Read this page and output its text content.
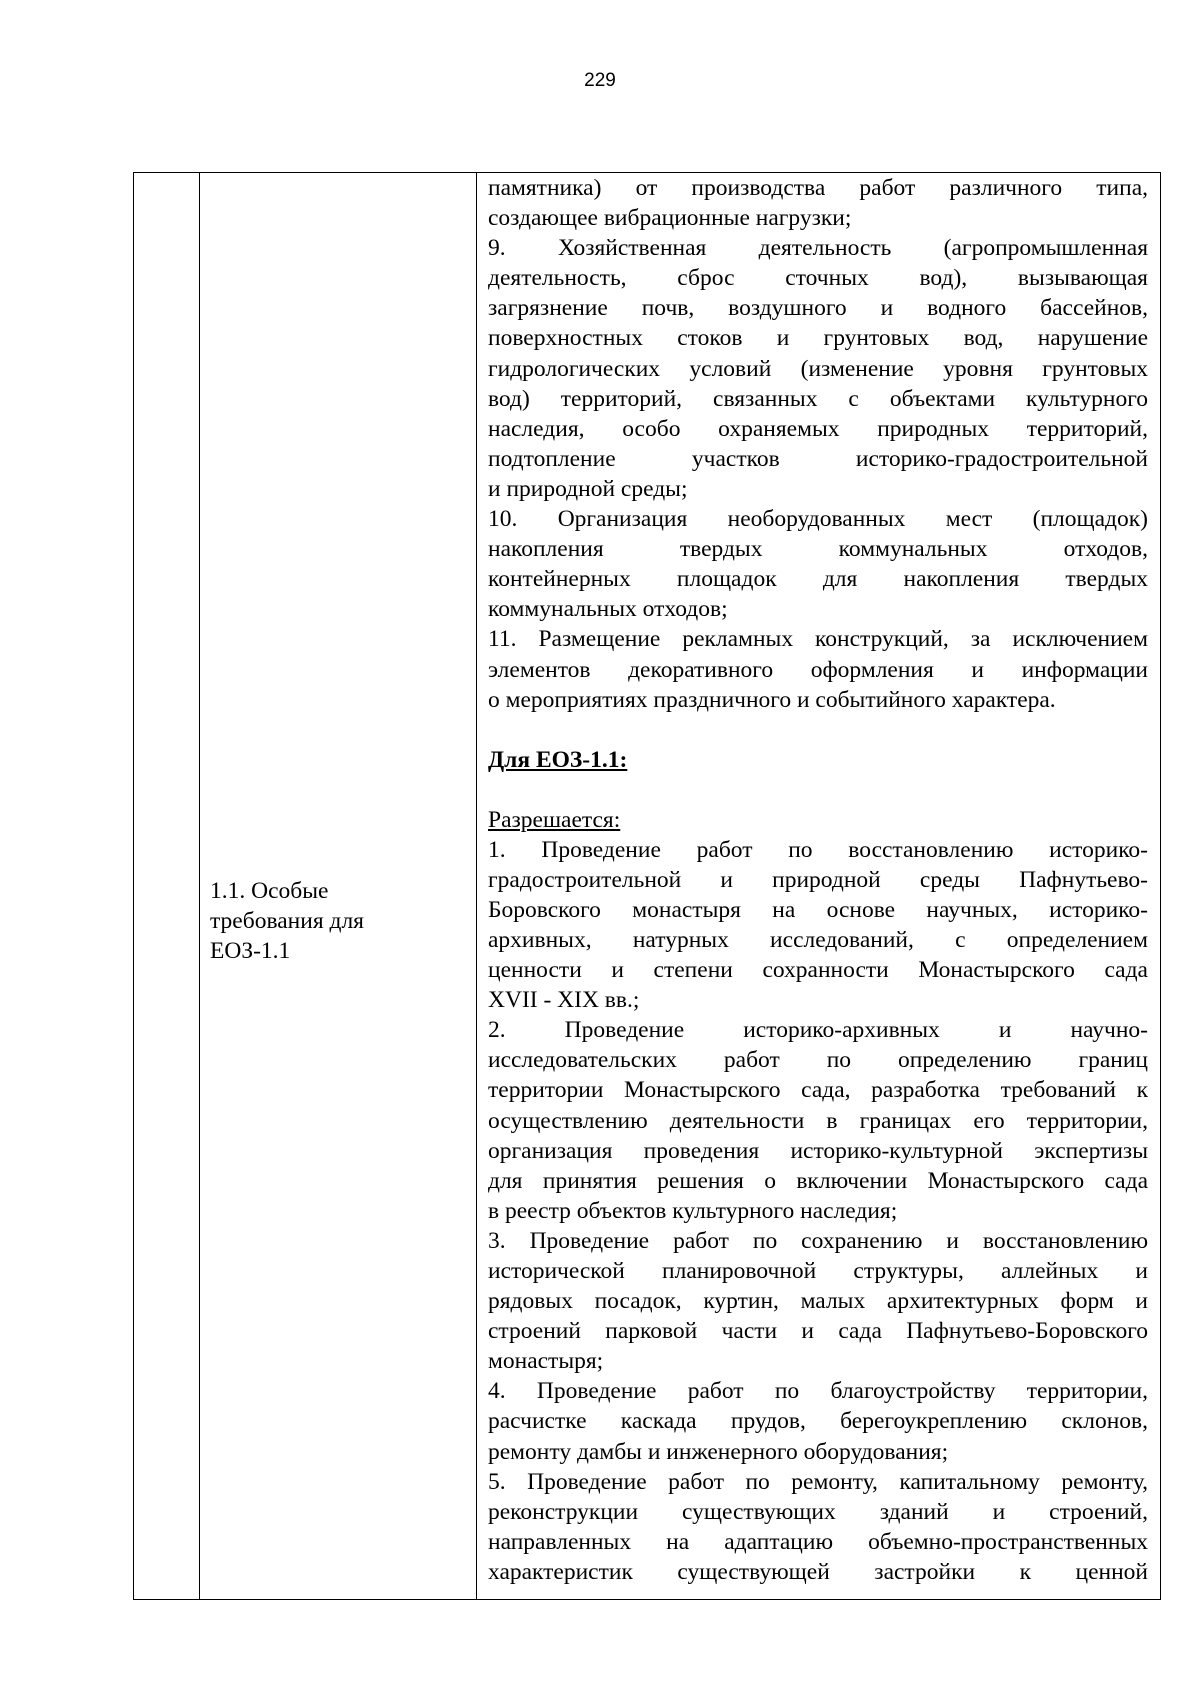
229

1.1. Особые
требования для
ЕОЗ-1.1

памятника) от производства работ различного типа,
создающее вибрационные нагрузки;
9. Хозяйственная деятельность (агропромышленная
деятельность, сброс сточных вод), вызывающая
загрязнение почв, воздушного и водного бассейнов,
поверхностных стоков и грунтовых вод, нарушение
гидрологических условий (изменение уровня грунтовых
вод) территорий, связанных с объектами культурного
наследия, особо охраняемых природных территорий,
подтопление участков историко-градостроительной
и природной среды;
10. Организация необорудованных мест (площадок)
накопления твердых коммунальных отходов,
контейнерных площадок для накопления твердых
коммунальных отходов;
11. Размещение рекламных конструкций, за исключением
элементов декоративного оформления и информации
о мероприятиях праздничного и событийного характера.
Для ЕОЗ-1.1:
Разрешается:
1. Проведение работ по восстановлению историко-
градостроительной и природной среды Пафнутьево-
Боровского монастыря на основе научных, историко-
архивных, натурных исследований, с определением
ценности и степени сохранности Монастырского сада
XVII - XIX вв.;
2. Проведение историко-архивных и научно-
исследовательских работ по определению границ
территории Монастырского сада, разработка требований к
осуществлению деятельности в границах его территории,
организация проведения историко-культурной экспертизы
для принятия решения о включении Монастырского сада
в реестр объектов культурного наследия;
3. Проведение работ по сохранению и восстановлению
исторической планировочной структуры, аллейных и
рядовых посадок, куртин, малых архитектурных форм и
строений парковой части и сада Пафнутьево-Боровского
монастыря;
4. Проведение работ по благоустройству территории,
расчистке каскада прудов, берегоукреплению склонов,
ремонту дамбы и инженерного оборудования;
5. Проведение работ по ремонту, капитальному ремонту,
реконструкции существующих зданий и строений,
направленных на адаптацию объемно-пространственных
характеристик существующей застройки к ценной
